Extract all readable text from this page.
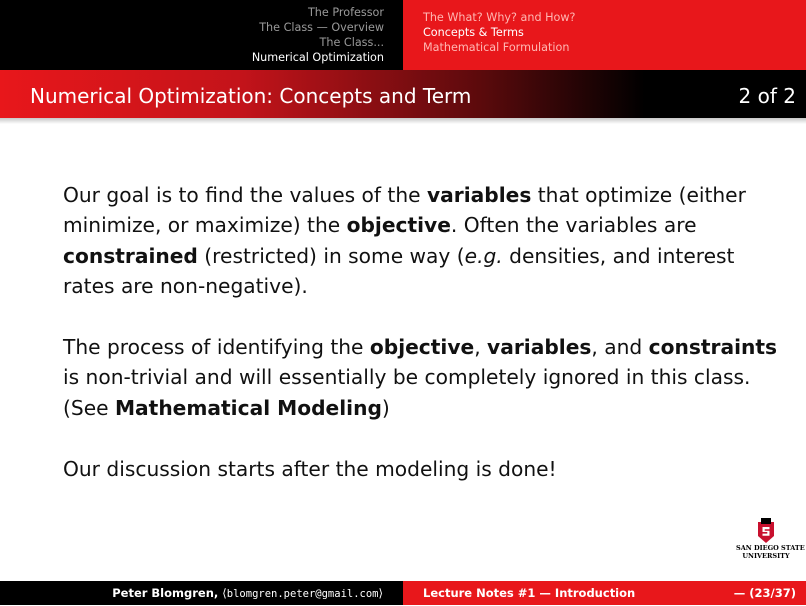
The Professor
The Class — Overview
The Class...
Numerical Optimization
The What? Why? and How?
Concepts & Terms
Mathematical Formulation
Numerical Optimization: Concepts and Term	2 of 2

Our goal is to find the values of the variables that optimize (either minimize, or maximize) the objective. Often the variables are constrained (restricted) in some way (e.g. densities, and interest rates are non-negative).

The process of identifying the objective, variables, and constraints is non-trivial and will essentially be completely ignored in this class. (See Mathematical Modeling)

Our discussion starts after the modeling is done!

SAN DIEGO STATE
UNIVERSITY
Peter Blomgren, ⟨blomgren.peter@gmail.com⟩	Lecture Notes #1 — Introduction	— (23/37)
